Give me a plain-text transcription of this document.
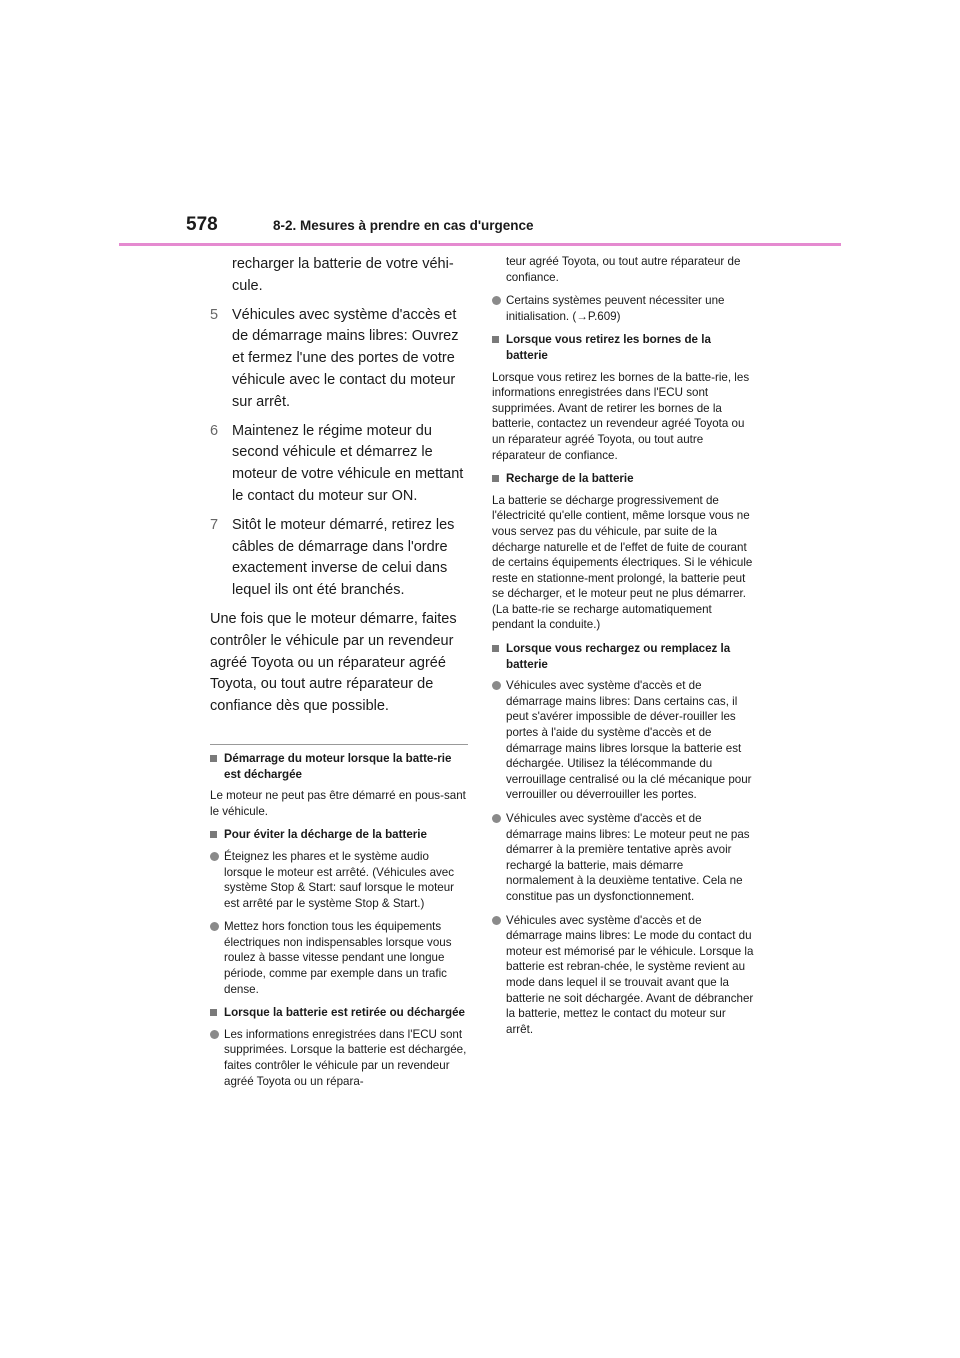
578	8-2. Mesures à prendre en cas d'urgence
recharger la batterie de votre véhi-cule.
5 Véhicules avec système d'accès et de démarrage mains libres: Ouvrez et fermez l'une des portes de votre véhicule avec le contact du moteur sur arrêt.
6 Maintenez le régime moteur du second véhicule et démarrez le moteur de votre véhicule en mettant le contact du moteur sur ON.
7 Sitôt le moteur démarré, retirez les câbles de démarrage dans l'ordre exactement inverse de celui dans lequel ils ont été branchés.
Une fois que le moteur démarre, faites contrôler le véhicule par un revendeur agréé Toyota ou un réparateur agréé Toyota, ou tout autre réparateur de confiance dès que possible.
Démarrage du moteur lorsque la batte-rie est déchargée
Le moteur ne peut pas être démarré en pous-sant le véhicule.
Pour éviter la décharge de la batterie
Éteignez les phares et le système audio lorsque le moteur est arrêté. (Véhicules avec système Stop & Start: sauf lorsque le moteur est arrêté par le système Stop & Start.)
Mettez hors fonction tous les équipements électriques non indispensables lorsque vous roulez à basse vitesse pendant une longue période, comme par exemple dans un trafic dense.
Lorsque la batterie est retirée ou déchargée
Les informations enregistrées dans l'ECU sont supprimées. Lorsque la batterie est déchargée, faites contrôler le véhicule par un revendeur agréé Toyota ou un répara-
teur agréé Toyota, ou tout autre réparateur de confiance.
Certains systèmes peuvent nécessiter une initialisation. (→P.609)
Lorsque vous retirez les bornes de la batterie
Lorsque vous retirez les bornes de la batte-rie, les informations enregistrées dans l'ECU sont supprimées. Avant de retirer les bornes de la batterie, contactez un revendeur agréé Toyota ou un réparateur agréé Toyota, ou tout autre réparateur de confiance.
Recharge de la batterie
La batterie se décharge progressivement de l'électricité qu'elle contient, même lorsque vous ne vous servez pas du véhicule, par suite de la décharge naturelle et de l'effet de fuite de courant de certains équipements électriques. Si le véhicule reste en stationne-ment prolongé, la batterie peut se décharger, et le moteur peut ne plus démarrer. (La batte-rie se recharge automatiquement pendant la conduite.)
Lorsque vous rechargez ou remplacez la batterie
Véhicules avec système d'accès et de démarrage mains libres: Dans certains cas, il peut s'avérer impossible de déver-rouiller les portes à l'aide du système d'accès et de démarrage mains libres lorsque la batterie est déchargée. Utilisez la télécommande du verrouillage centralisé ou la clé mécanique pour verrouiller ou déverrouiller les portes.
Véhicules avec système d'accès et de démarrage mains libres: Le moteur peut ne pas démarrer à la première tentative après avoir rechargé la batterie, mais démarre normalement à la deuxième tentative. Cela ne constitue pas un dysfonctionnement.
Véhicules avec système d'accès et de démarrage mains libres: Le mode du contact du moteur est mémorisé par le véhicule. Lorsque la batterie est rebran-chée, le système revient au mode dans lequel il se trouvait avant que la batterie ne soit déchargée. Avant de débrancher la batterie, mettez le contact du moteur sur arrêt.
